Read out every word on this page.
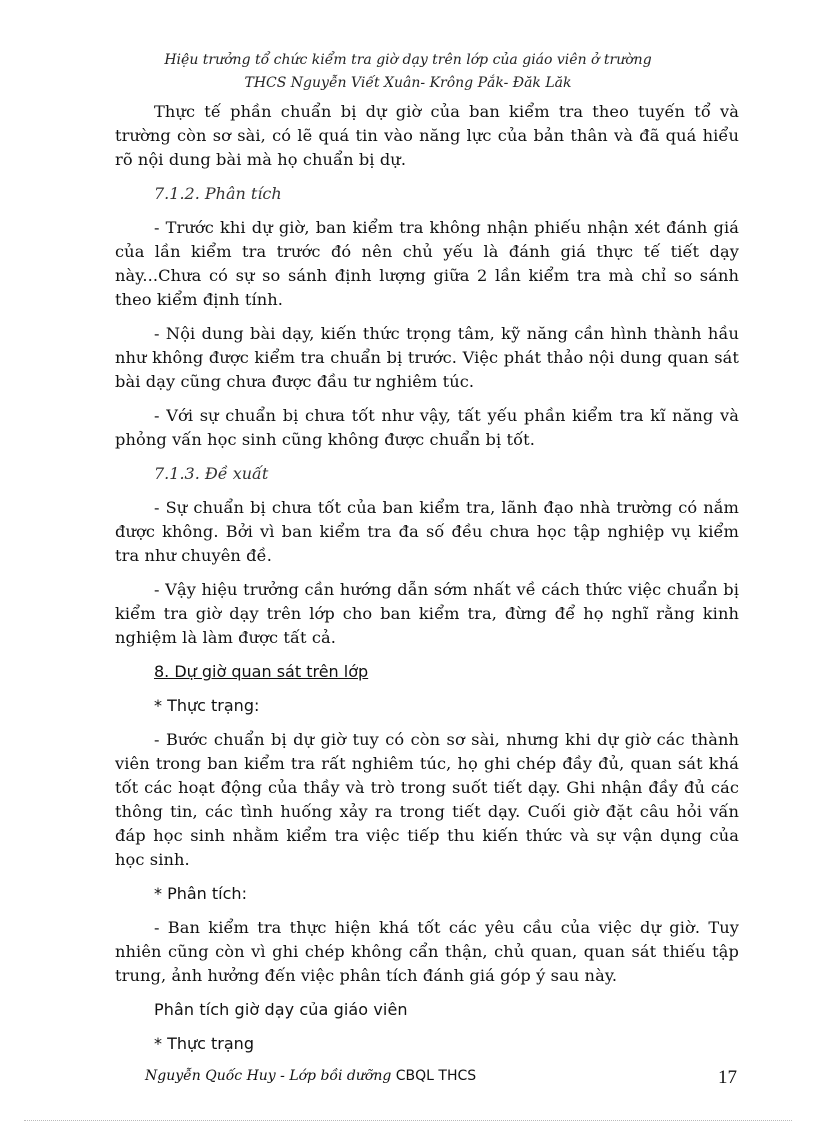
Hiệu trưởng tổ chức kiểm tra giờ dạy trên lớp của giáo viên ở trường
THCS Nguyễn Viết Xuân- Krông Pắk- Đăk Lăk

Thực tế phần chuẩn bị dự giờ của ban kiểm tra theo tuyến tổ và trường còn sơ sài, có lẽ quá tin vào năng lực của bản thân và đã quá hiểu rõ nội dung bài mà họ chuẩn bị dự.

7.1.2. Phân tích

- Trước khi dự giờ, ban kiểm tra không nhận phiếu nhận xét đánh giá của lần kiểm tra trước đó nên chủ yếu là đánh giá thực tế tiết dạy này...Chưa có sự so sánh định lượng giữa 2 lần kiểm tra mà chỉ so sánh theo kiểm định tính.

- Nội dung bài dạy, kiến thức trọng tâm, kỹ năng cần hình thành hầu như không được kiểm tra chuẩn bị trước. Việc phát thảo nội dung quan sát bài dạy cũng chưa được đầu tư nghiêm túc.

- Với sự chuẩn bị chưa tốt như vậy, tất yếu phần kiểm tra kĩ năng và phỏng vấn học sinh cũng không được chuẩn bị tốt.

7.1.3. Đề xuất

- Sự chuẩn bị chưa tốt của ban kiểm tra, lãnh đạo nhà trường có nắm được không. Bởi vì ban kiểm tra đa số đều chưa học tập nghiệp vụ kiểm tra như chuyên đề.

- Vậy hiệu trưởng cần hướng dẫn sớm nhất về cách thức việc chuẩn bị kiểm tra giờ dạy trên lớp cho ban kiểm tra, đừng để họ nghĩ rằng kinh nghiệm là làm được tất cả.

8. Dự giờ quan sát trên lớp

* Thực trạng:

- Bước chuẩn bị dự giờ tuy có còn sơ sài, nhưng khi dự giờ các thành viên trong ban kiểm tra rất nghiêm túc, họ ghi chép đầy đủ, quan sát khá tốt các hoạt động của thầy và trò trong suốt tiết dạy. Ghi nhận đầy đủ các thông tin, các tình huống xảy ra trong tiết dạy. Cuối giờ đặt câu hỏi vấn đáp học sinh nhằm kiểm tra việc tiếp thu kiến thức và sự vận dụng của học sinh.

* Phân tích:

- Ban kiểm tra thực hiện khá tốt các yêu cầu của việc dự giờ. Tuy nhiên cũng còn vì ghi chép không cẩn thận, chủ quan, quan sát thiếu tập trung, ảnh hưởng đến việc phân tích đánh giá góp ý sau này.

Phân tích giờ dạy của giáo viên

* Thực trạng

Nguyễn Quốc Huy - Lớp bồi dưỡng CBQL THCS	17
